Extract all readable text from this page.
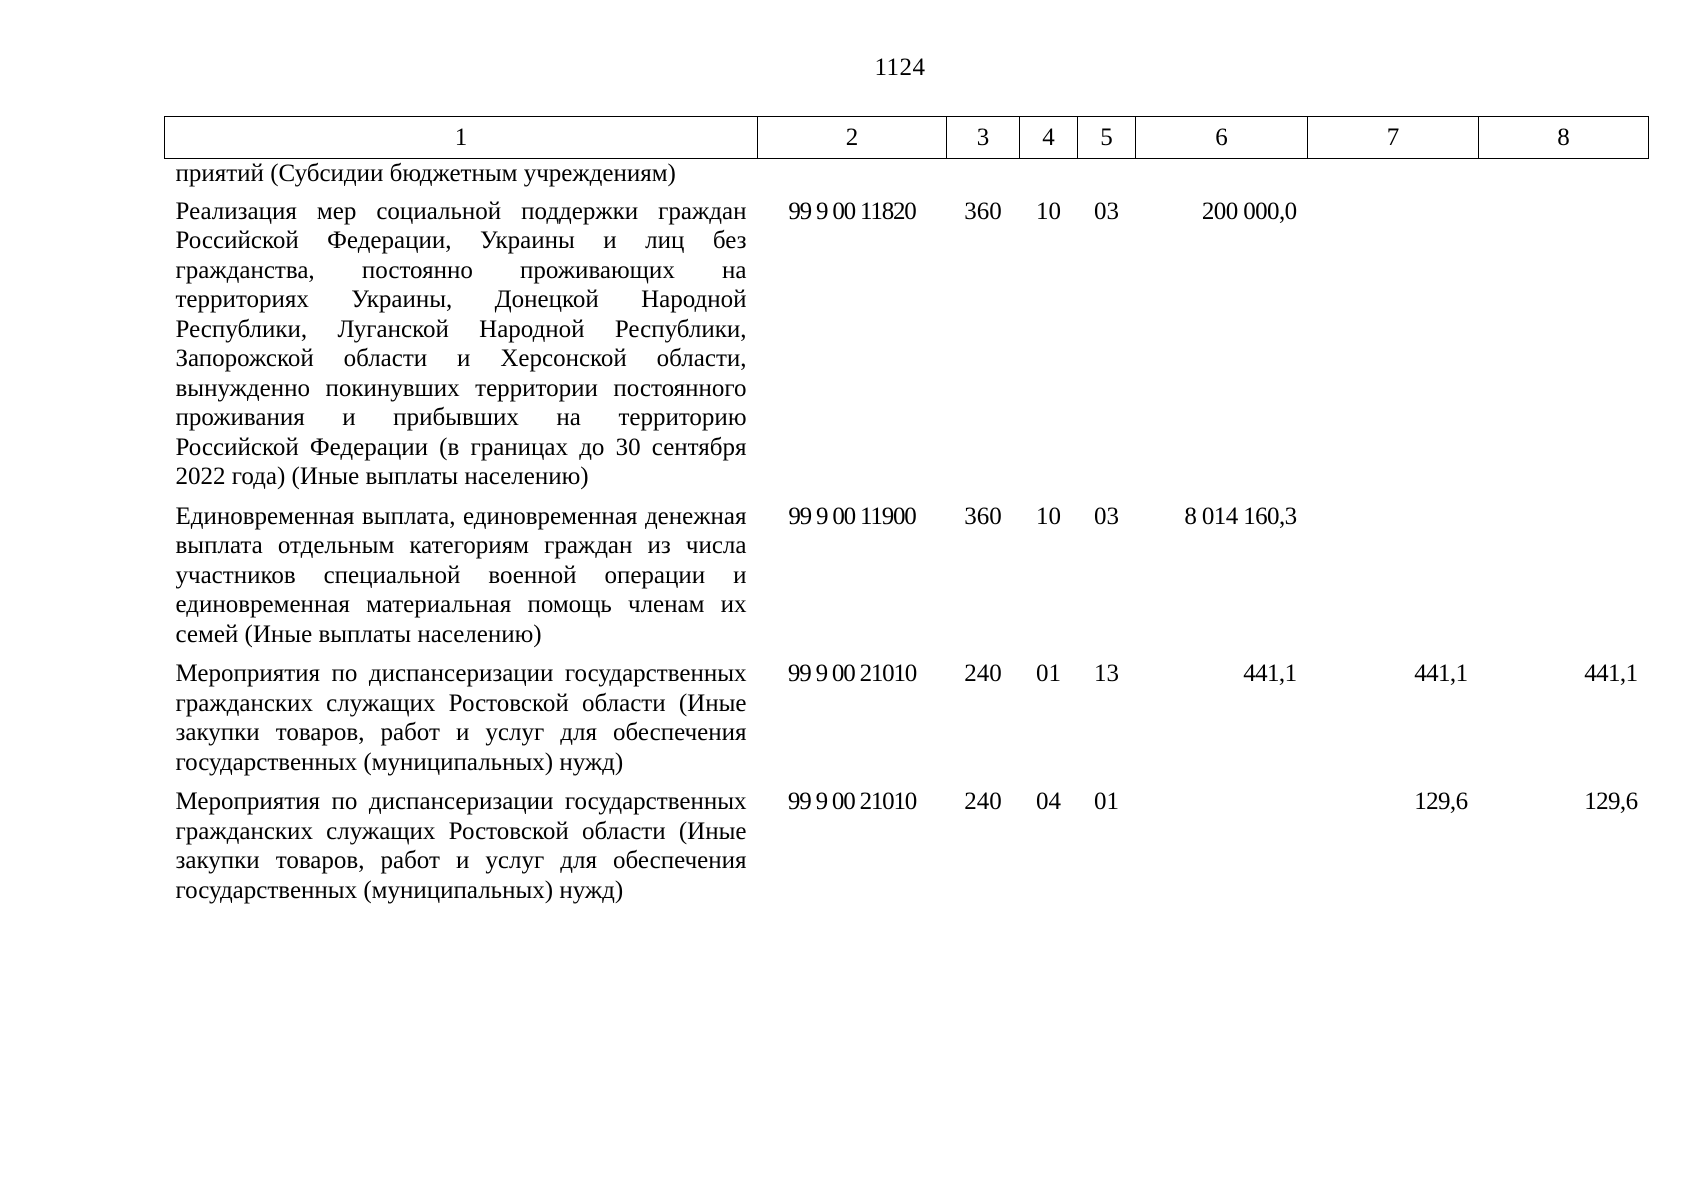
1124
1	2	3	4	5	6	7	8
приятий (Субсидии бюджетным учреждениям)							
Реализация мер социальной поддержки граждан Российской Федерации, Украины и лиц без гражданства, постоянно проживающих на территориях Украины, Донецкой Народной Республики, Луганской Народной Республики, Запорожской области и Херсонской области, вынужденно покинувших территории постоянного проживания и прибывших на территорию Российской Федерации (в границах до 30 сентября 2022 года) (Иные выплаты населению)	99 9 00 11820	360	10	03	200 000,0		
Единовременная выплата, единовременная денежная выплата отдельным категориям граждан из числа участников специальной военной операции и единовременная материальная помощь членам их семей (Иные выплаты населению)	99 9 00 11900	360	10	03	8 014 160,3		
Мероприятия по диспансеризации государственных гражданских служащих Ростовской области (Иные закупки товаров, работ и услуг для обеспечения государственных (муниципальных) нужд)	99 9 00 21010	240	01	13	441,1	441,1	441,1
Мероприятия по диспансеризации государственных гражданских служащих Ростовской области (Иные закупки товаров, работ и услуг для обеспечения государственных (муниципальных) нужд)	99 9 00 21010	240	04	01		129,6	129,6
